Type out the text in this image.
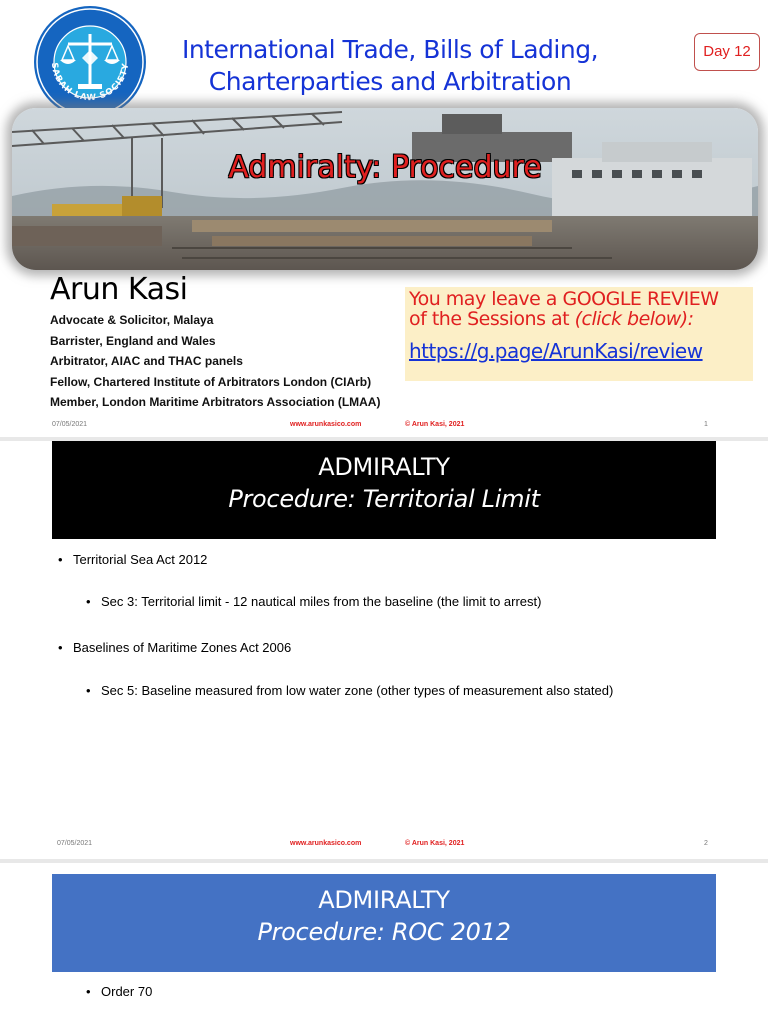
SABAH LAW SOCIETY
International Trade, Bills of Lading,
Charterparties and Arbitration
Day 12
Admiralty: Procedure
Arun Kasi
Advocate & Solicitor, Malaya
Barrister, England and Wales
Arbitrator, AIAC and THAC panels
Fellow, Chartered Institute of Arbitrators London (CIArb)
Member, London Maritime Arbitrators Association (LMAA)
You may leave a GOOGLE REVIEW
of the Sessions at (click below):
https://g.page/ArunKasi/review
07/05/2021	www.arunkasico.com	© Arun Kasi, 2021	1
ADMIRALTY
Procedure: Territorial Limit
• Territorial Sea Act 2012
• Sec 3: Territorial limit - 12 nautical miles from the baseline (the limit to arrest)
• Baselines of Maritime Zones Act 2006
• Sec 5: Baseline measured from low water zone (other types of measurement also stated)
07/05/2021	www.arunkasico.com	© Arun Kasi, 2021	2
ADMIRALTY
Procedure: ROC 2012
• Order 70
